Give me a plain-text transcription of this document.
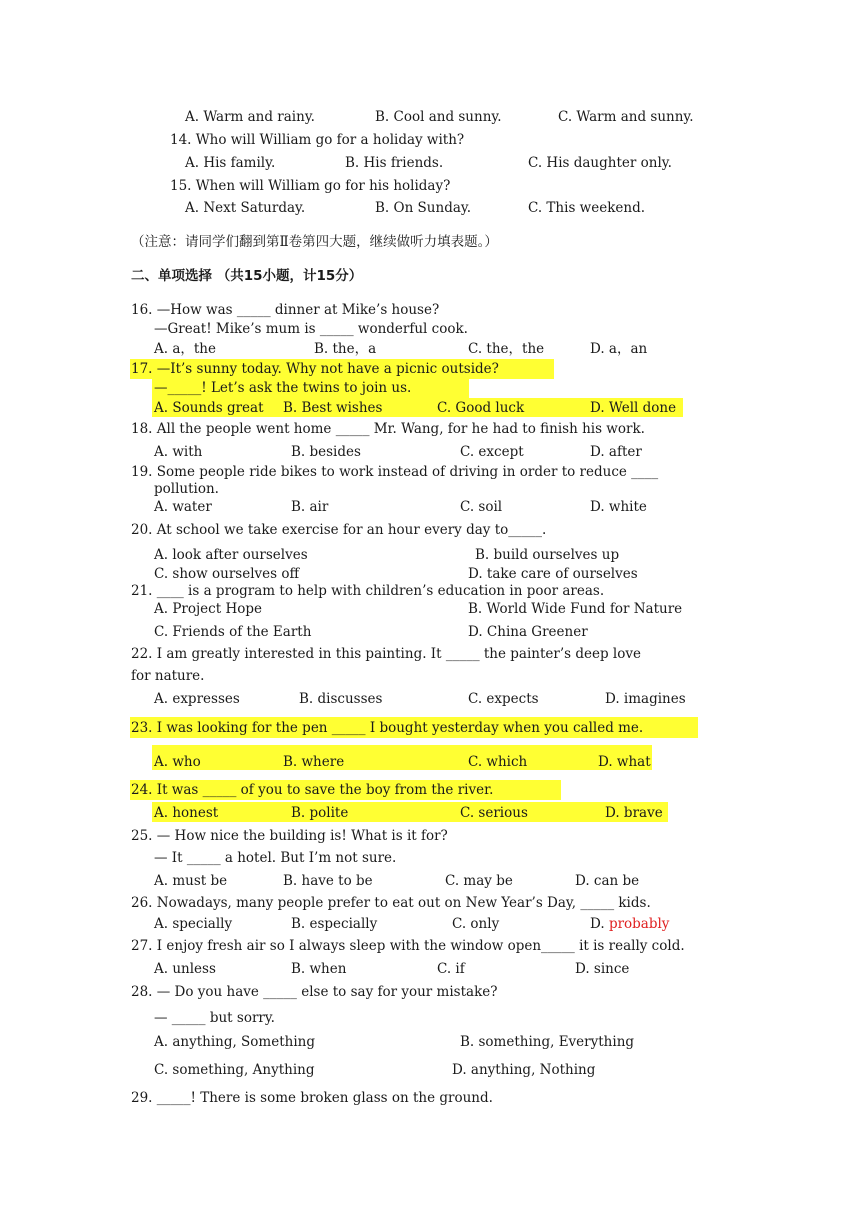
A. Warm and rainy.	B. Cool and sunny.	C. Warm and sunny.
14. Who will William go for a holiday with?
A. His family.	B. His friends.	C. His daughter only.
15. When will William go for his holiday?
A. Next Saturday.	B. On Sunday.	C. This weekend.
（注意：请同学们翻到第Ⅱ卷第四大题，继续做听力填表题。）
二、单项选择 （共15小题，计15分）
16. —How was _____ dinner at Mike’s house?
—Great! Mike’s mum is _____ wonderful cook.
A. a，the	B. the，a	C. the，the	D. a，an
17. —It’s sunny today. Why not have a picnic outside?
—_____! Let’s ask the twins to join us.
A. Sounds great B. Best wishes	C. Good luck	D. Well done
18. All the people went home _____ Mr. Wang, for he had to finish his work.
A. with	B. besides	C. except	D. after
19. Some people ride bikes to work instead of driving in order to reduce ____
pollution.
A. water	B. air	C. soil	D. white
20. At school we take exercise for an hour every day to_____.
A. look after ourselves	B. build ourselves up
C. show ourselves off	D. take care of ourselves
21. ____ is a program to help with children’s education in poor areas.
A. Project Hope	B. World Wide Fund for Nature
C. Friends of the Earth	D. China Greener
22. I am greatly interested in this painting. It _____ the painter’s deep love
for nature.
A. expresses	B. discusses	C. expects	D. imagines
23. I was looking for the pen _____ I bought yesterday when you called me.
A. who	B. where	C. which	D. what
24. It was _____ of you to save the boy from the river.
A. honest	B. polite	C. serious	D. brave
25. — How nice the building is! What is it for?
— It _____ a hotel. But I’m not sure.
A. must be	B. have to be	C. may be	D. can be
26. Nowadays, many people prefer to eat out on New Year’s Day, _____ kids.
A. specially	B. especially	C. only	D. probably
27. I enjoy fresh air so I always sleep with the window open_____ it is really cold.
A. unless	B. when	C. if	D. since
28. — Do you have _____ else to say for your mistake?
— _____ but sorry.
A. anything, Something	B. something, Everything
C. something, Anything	D. anything, Nothing
29. _____! There is some broken glass on the ground.
